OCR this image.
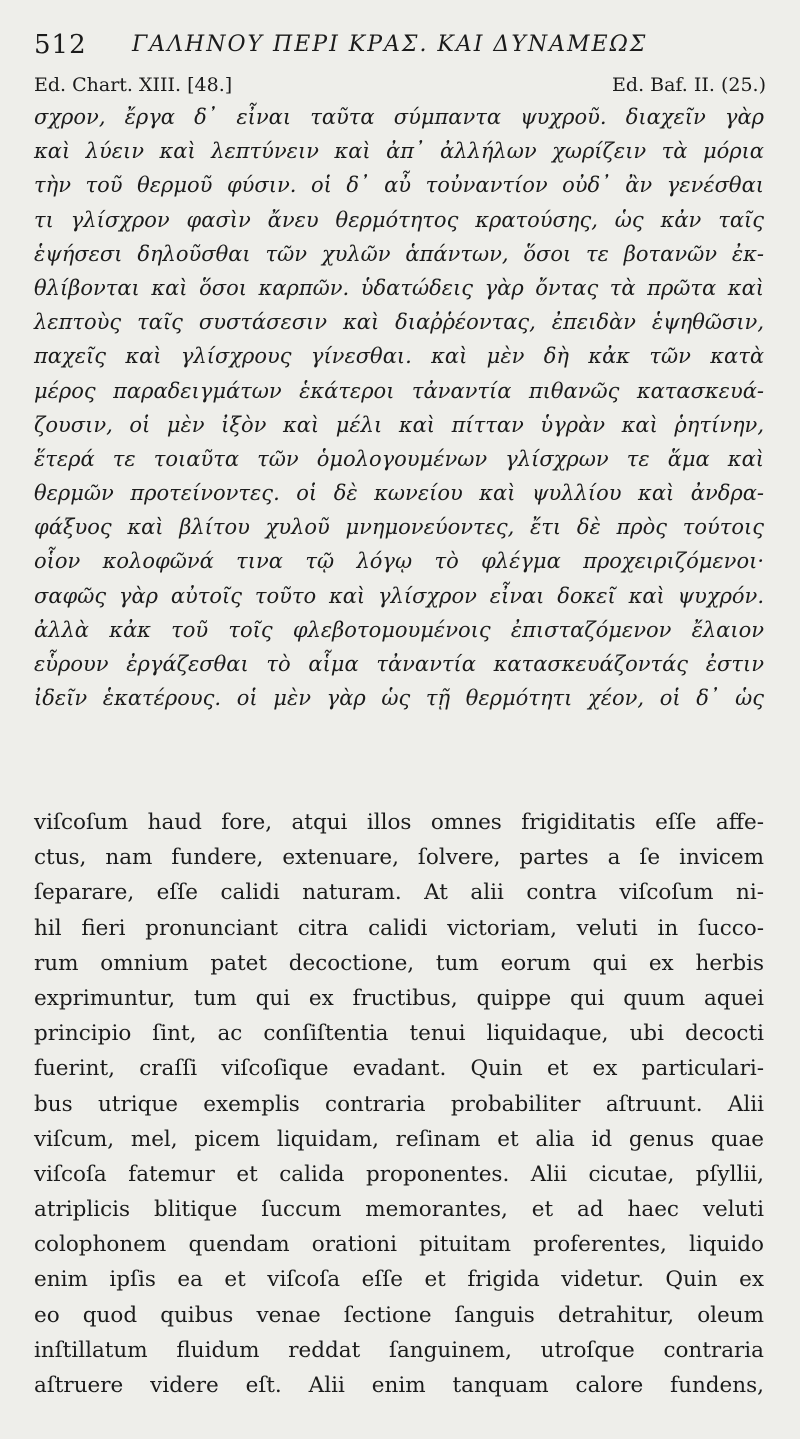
512 ΓΑΛΗΝΟΥ ΠΕΡΙ ΚΡΑΣ. ΚΑΙ ΔΥΝΑΜΕΩΣ
Ed. Chart. XIII. [48.]	Ed. Baf. II. (25.)
σχρον, ἔργα δ᾽ εἶναι ταῦτα σύμπαντα ψυχροῦ. διαχεῖν γὰρ
καὶ λύειν καὶ λεπτύνειν καὶ ἀπ᾽ ἀλλήλων χωρίζειν τὰ μόρια
τὴν τοῦ θερμοῦ φύσιν. οἱ δ᾽ αὖ τοὐναντίον οὐδ᾽ ἂν γενέσθαι
τι γλίσχρον φασὶν ἄνευ θερμότητος κρατούσης, ὡς κἀν ταῖς
ἑψήσεσι δηλοῦσθαι τῶν χυλῶν ἁπάντων, ὅσοι τε βοτανῶν ἐκ-
θλίβονται καὶ ὅσοι καρπῶν. ὑδατώδεις γὰρ ὄντας τὰ πρῶτα καὶ
λεπτοὺς ταῖς συστάσεσιν καὶ διαῤῥέοντας, ἐπειδὰν ἑψηθῶσιν,
παχεῖς καὶ γλίσχρους γίνεσθαι. καὶ μὲν δὴ κἀκ τῶν κατὰ
μέρος παραδειγμάτων ἑκάτεροι τἀναντία πιθανῶς κατασκευά-
ζουσιν, οἱ μὲν ἰξὸν καὶ μέλι καὶ πίτταν ὑγρὰν καὶ ῥητίνην,
ἕτερά τε τοιαῦτα τῶν ὁμολογουμένων γλίσχρων τε ἅμα καὶ
θερμῶν προτείνοντες. οἱ δὲ κωνείου καὶ ψυλλίου καὶ ἀνδρα-
φάξυος καὶ βλίτου χυλοῦ μνημονεύοντες, ἔτι δὲ πρὸς τούτοις
οἷον κολοφῶνά τινα τῷ λόγῳ τὸ φλέγμα προχειριζόμενοι·
σαφῶς γὰρ αὐτοῖς τοῦτο καὶ γλίσχρον εἶναι δοκεῖ καὶ ψυχρόν.
ἀλλὰ κἀκ τοῦ τοῖς φλεβοτομουμένοις ἐπισταζόμενον ἔλαιον
εὗρουν ἐργάζεσθαι τὸ αἷμα τἀναντία κατασκευάζοντάς ἐστιν
ἰδεῖν ἑκατέρους. οἱ μὲν γὰρ ὡς τῇ θερμότητι χέον, οἱ δ᾽ ὡς
viſcoſum haud fore, atqui illos omnes frigiditatis eſſe affe-
ctus, nam fundere, extenuare, ſolvere, partes a ſe invicem
ſeparare, eſſe calidi naturam. At alii contra viſcoſum ni-
hil fieri pronunciant citra calidi victoriam, veluti in ſucco-
rum omnium patet decoctione, tum eorum qui ex herbis
exprimuntur, tum qui ex fructibus, quippe qui quum aquei
principio ſint, ac conſiſtentia tenui liquidaque, ubi decocti
fuerint, craſſi viſcoſique evadant. Quin et ex particulari-
bus utrique exemplis contraria probabiliter aſtruunt. Alii
viſcum, mel, picem liquidam, reſinam et alia id genus quae
viſcoſa fatemur et calida proponentes. Alii cicutae, pſyllii,
atriplicis blitique ſuccum memorantes, et ad haec veluti
colophonem quendam orationi pituitam proferentes, liquido
enim ipſis ea et viſcoſa eſſe et frigida videtur. Quin ex
eo quod quibus venae ſectione ſanguis detrahitur, oleum
inſtillatum fluidum reddat ſanguinem, utroſque contraria
aſtruere videre eſt. Alii enim tanquam calore fundens,
